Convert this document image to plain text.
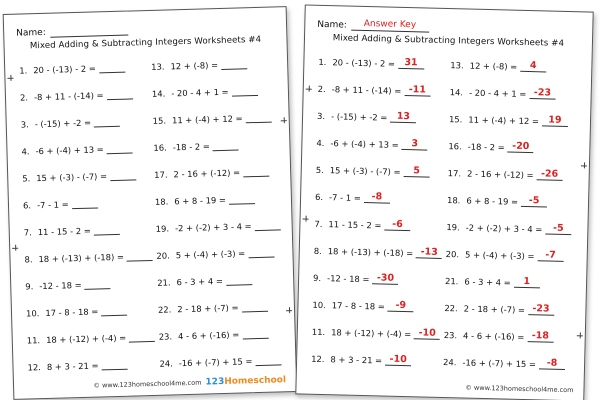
Name:
Mixed Adding & Subtracting Integers Worksheets #4
1. 20 - (-13) - 2 =
2. -8 + 11 - (-14) =
3. - (-15) + -2 =
4. -6 + (-4) + 13 =
5. 15 + (-3) - (-7) =
6. -7 - 1 =
7. 11 - 15 - 2 =
8. 18 + (-13) + (-18) =
9. -12 - 18 =
10. 17 - 8 - 18 =
11. 18 + (-12) + (-4) =
12. 8 + 3 - 21 =
13. 12 + (-8) =
14. - 20 - 4 + 1 =
15. 11 + (-4) + 12 =
16. -18 - 2 =
17. 2 - 16 + (-12) =
18. 6 + 8 - 19 =
19. -2 + (-2) + 3 - 4 =
20. 5 + (-4) + (-3) =
21. 6 - 3 + 4 =
22. 2 - 18 + (-7) =
23. 4 - 6 + (-16) =
24. -16 + (-7) + 15 =
© www.123homeschool4me.com 123Homeschool
Name:	Answer Key
Mixed Adding & Subtracting Integers Worksheets #4
1. 20 - (-13) - 2 = 31
2. -8 + 11 - (-14) = -11
3. - (-15) + -2 = 13
4. -6 + (-4) + 13 =	3
5. 15 + (-3) - (-7) =	5
6. -7 - 1 =	-8
7. 11 - 15 - 2 =	-6
8. 18 + (-13) + (-18) = -13
9. -12 - 18 = -30
10. 17 - 8 - 18 =	-9
11. 18 + (-12) + (-4) = -10
12. 8 + 3 - 21 = -10
13. 12 + (-8) =	4
14. - 20 - 4 + 1 = -23
15. 11 + (-4) + 12 = 19
16. -18 - 2 = -20
17. 2 - 16 + (-12) = -26
18. 6 + 8 - 19 =	-5
19. -2 + (-2) + 3 - 4 =	-5
20. 5 + (-4) + (-3) =	-7
21. 6 - 3 + 4 =	1
22. 2 - 18 + (-7) = -23
23. 4 - 6 + (-16) = -18
24. -16 + (-7) + 15 =	-8
© www.123homeschool4me.com
